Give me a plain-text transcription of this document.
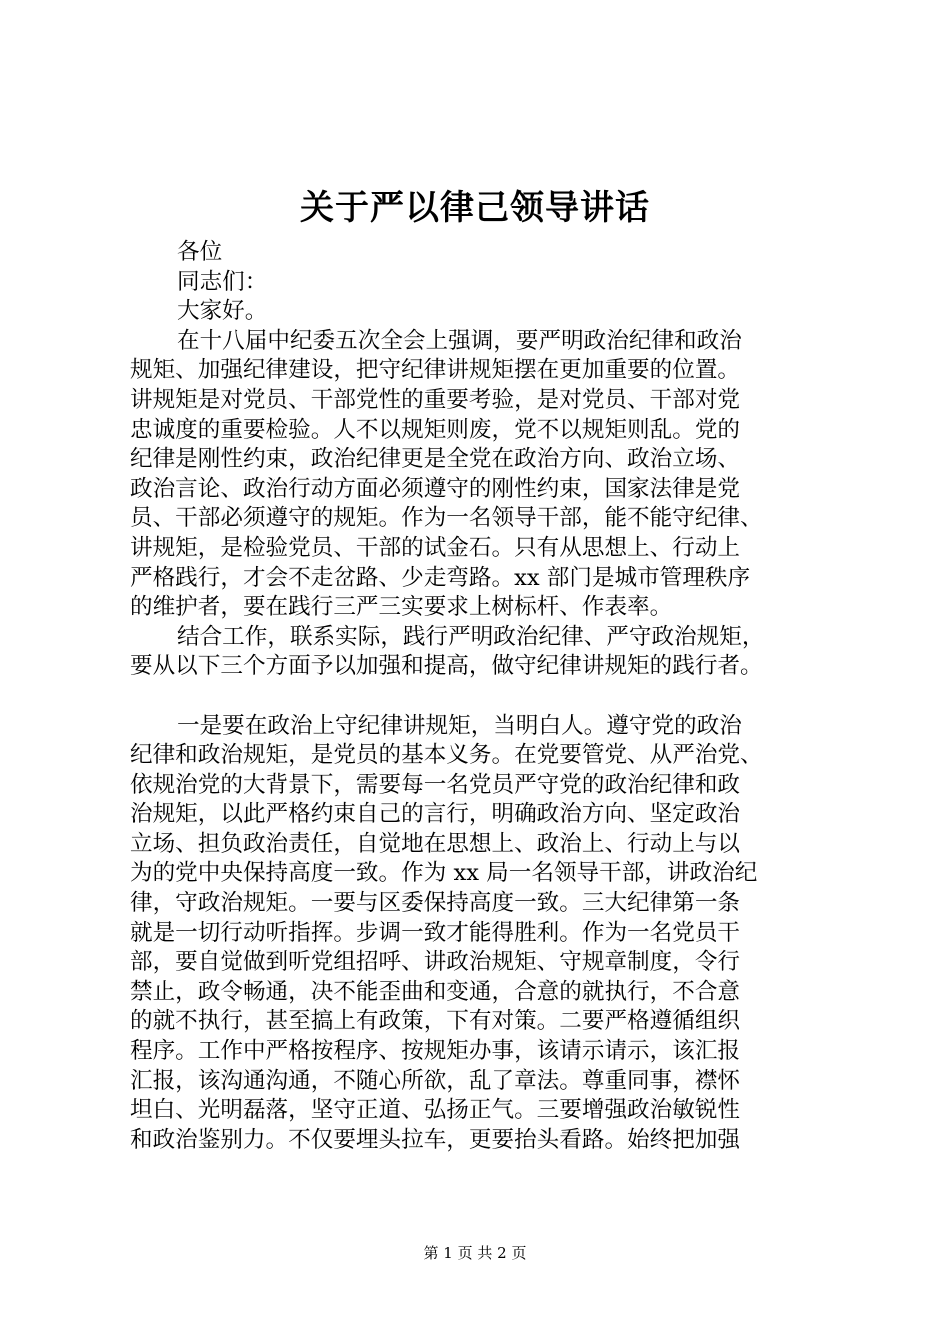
关于严以律己领导讲话
各位
同志们：
大家好。
在十八届中纪委五次全会上强调，要严明政治纪律和政治
规矩、加强纪律建设，把守纪律讲规矩摆在更加重要的位置。
讲规矩是对党员、干部党性的重要考验，是对党员、干部对党
忠诚度的重要检验。人不以规矩则废，党不以规矩则乱。党的
纪律是刚性约束，政治纪律更是全党在政治方向、政治立场、
政治言论、政治行动方面必须遵守的刚性约束，国家法律是党
员、干部必须遵守的规矩。作为一名领导干部，能不能守纪律、
讲规矩，是检验党员、干部的试金石。只有从思想上、行动上
严格践行，才会不走岔路、少走弯路。xx 部门是城市管理秩序
的维护者，要在践行三严三实要求上树标杆、作表率。
结合工作，联系实际，践行严明政治纪律、严守政治规矩，
要从以下三个方面予以加强和提高，做守纪律讲规矩的践行者。
一是要在政治上守纪律讲规矩，当明白人。遵守党的政治
纪律和政治规矩，是党员的基本义务。在党要管党、从严治党、
依规治党的大背景下，需要每一名党员严守党的政治纪律和政
治规矩，以此严格约束自己的言行，明确政治方向、坚定政治
立场、担负政治责任，自觉地在思想上、政治上、行动上与以
为的党中央保持高度一致。作为 xx 局一名领导干部，讲政治纪
律，守政治规矩。一要与区委保持高度一致。三大纪律第一条
就是一切行动听指挥。步调一致才能得胜利。作为一名党员干
部，要自觉做到听党组招呼、讲政治规矩、守规章制度，令行
禁止，政令畅通，决不能歪曲和变通，合意的就执行，不合意
的就不执行，甚至搞上有政策，下有对策。二要严格遵循组织
程序。工作中严格按程序、按规矩办事，该请示请示，该汇报
汇报，该沟通沟通，不随心所欲，乱了章法。尊重同事，襟怀
坦白、光明磊落，坚守正道、弘扬正气。三要增强政治敏锐性
和政治鉴别力。不仅要埋头拉车，更要抬头看路。始终把加强
第 1 页 共 2 页
